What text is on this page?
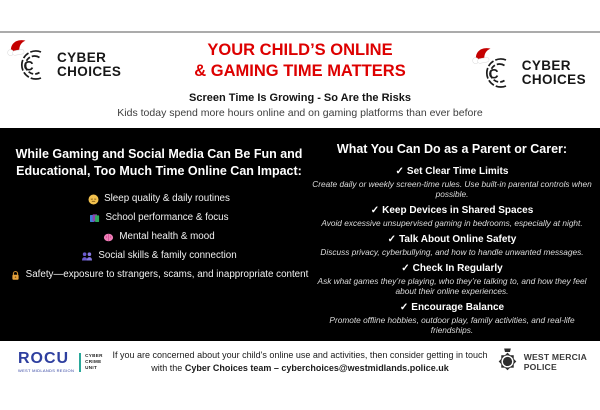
C CYBER
CHOICES	C CYBER
CHOICES
YOUR CHILD’S ONLINE
& GAMING TIME MATTERS
Screen Time Is Growing - So Are the Risks
Kids today spend more hours online and on gaming platforms than ever before
While Gaming and Social Media Can Be Fun and Educational, Too Much Time Online Can Impact:
Sleep quality & daily routines
School performance & focus
Mental health & mood
Social skills & family connection
Safety—exposure to strangers, scams, and inappropriate content
What You Can Do as a Parent or Carer:
✓ Set Clear Time Limits
Create daily or weekly screen-time rules. Use built-in parental controls when possible.
✓ Keep Devices in Shared Spaces
Avoid excessive unsupervised gaming in bedrooms, especially at night.
✓ Talk About Online Safety
Discuss privacy, cyberbullying, and how to handle unwanted messages.
✓ Check In Regularly
Ask what games they’re playing, who they’re talking to, and how they feel about their online experiences.
✓ Encourage Balance
Promote offline hobbies, outdoor play, family activities, and real-life friendships.
ROCU
WEST MIDLANDS REGION
CYBER
CRIME
UNIT
If you are concerned about your child's online use and activities, then consider getting in touch
with the Cyber Choices team – cyberchoices@westmidlands.police.uk
WEST MERCIA
POLICE
